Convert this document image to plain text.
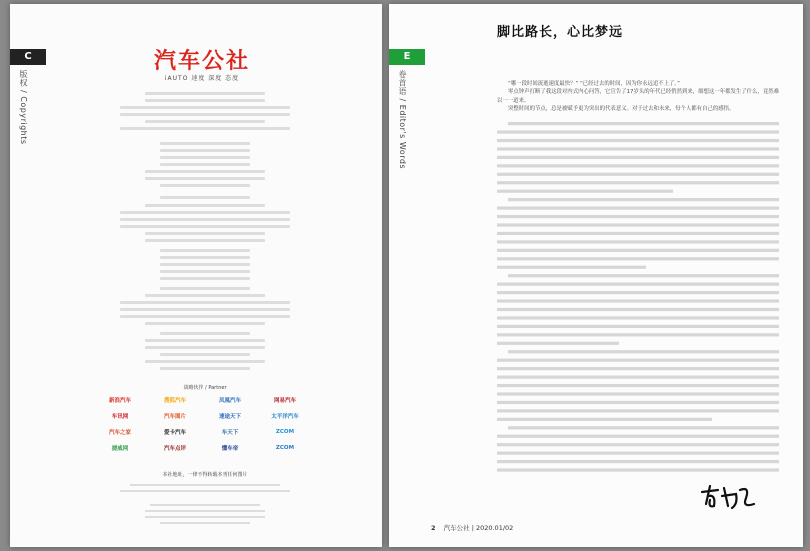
C
版权 / Copyrights
汽车公社
iAUTO 速度 深度 态度
战略伙伴 / Partner
新浪汽车	搜狐汽车	凤凰汽车	网易汽车
车讯网	汽车图片	速途天下	太平洋汽车
汽车之家	爱卡汽车	车天下	ZCOM
捷威网	汽车点评	懂车帝	ZCOM
本社地址，一律不得转载本刊任何图片
E
卷首语 / Editor's Words
脚比路长，心比梦远

“哪一段时间流逝速度最快？” “已经过去的时间，因为你永远追不上了。”

零点钟声打断了我这段对内式内心问答，它宣告了17岁头的年代已经悄然到来，细想这一年都发生了什么，竟然难以一一道来。

突整时间的节点，总是被赋予更为突出的代表意义。对于过去和未来，每个人都有自己的感悟。

2 汽车公社 | 2020.01/02
